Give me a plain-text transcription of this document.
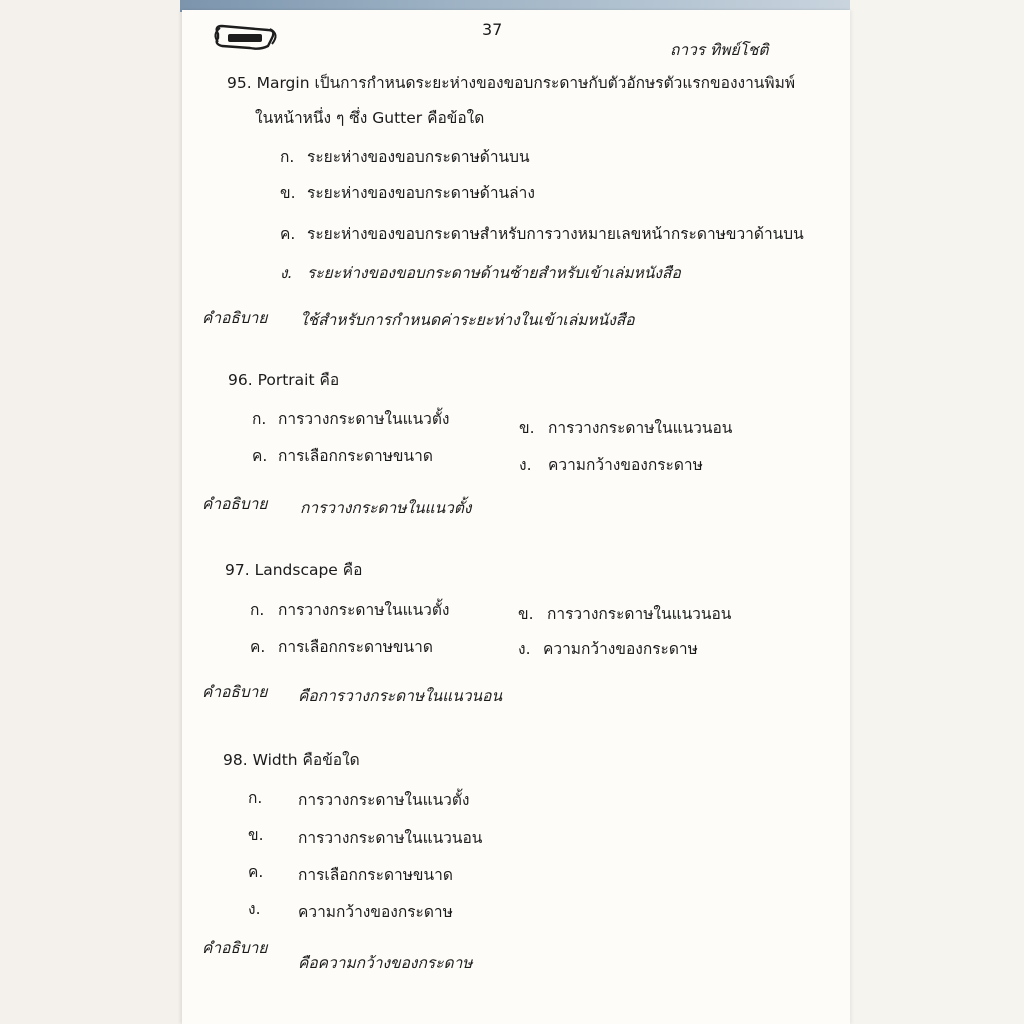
37
ถาวร ทิพย์โชติ
95. Margin เป็นการกำหนดระยะห่างของขอบกระดาษกับตัวอักษรตัวแรกของงานพิมพ์
ในหน้าหนึ่ง ๆ ซึ่ง Gutter คือข้อใด
ก. ระยะห่างของขอบกระดาษด้านบน
ข. ระยะห่างของขอบกระดาษด้านล่าง
ค. ระยะห่างของขอบกระดาษสำหรับการวางหมายเลขหน้ากระดาษขวาด้านบน
ง. ระยะห่างของขอบกระดาษด้านซ้ายสำหรับเข้าเล่มหนังสือ
คำอธิบาย ใช้สำหรับการกำหนดค่าระยะห่างในเข้าเล่มหนังสือ
96. Portrait คือ
ก. การวางกระดาษในแนวตั้ง	ข. การวางกระดาษในแนวนอน
ค. การเลือกกระดาษขนาด	ง. ความกว้างของกระดาษ
คำอธิบาย การวางกระดาษในแนวตั้ง
97. Landscape คือ
ก. การวางกระดาษในแนวตั้ง	ข. การวางกระดาษในแนวนอน
ค. การเลือกกระดาษขนาด	ง. ความกว้างของกระดาษ
คำอธิบาย คือการวางกระดาษในแนวนอน
98. Width คือข้อใด
ก. การวางกระดาษในแนวตั้ง
ข. การวางกระดาษในแนวนอน
ค. การเลือกกระดาษขนาด
ง. ความกว้างของกระดาษ
คำอธิบาย
คือความกว้างของกระดาษ
